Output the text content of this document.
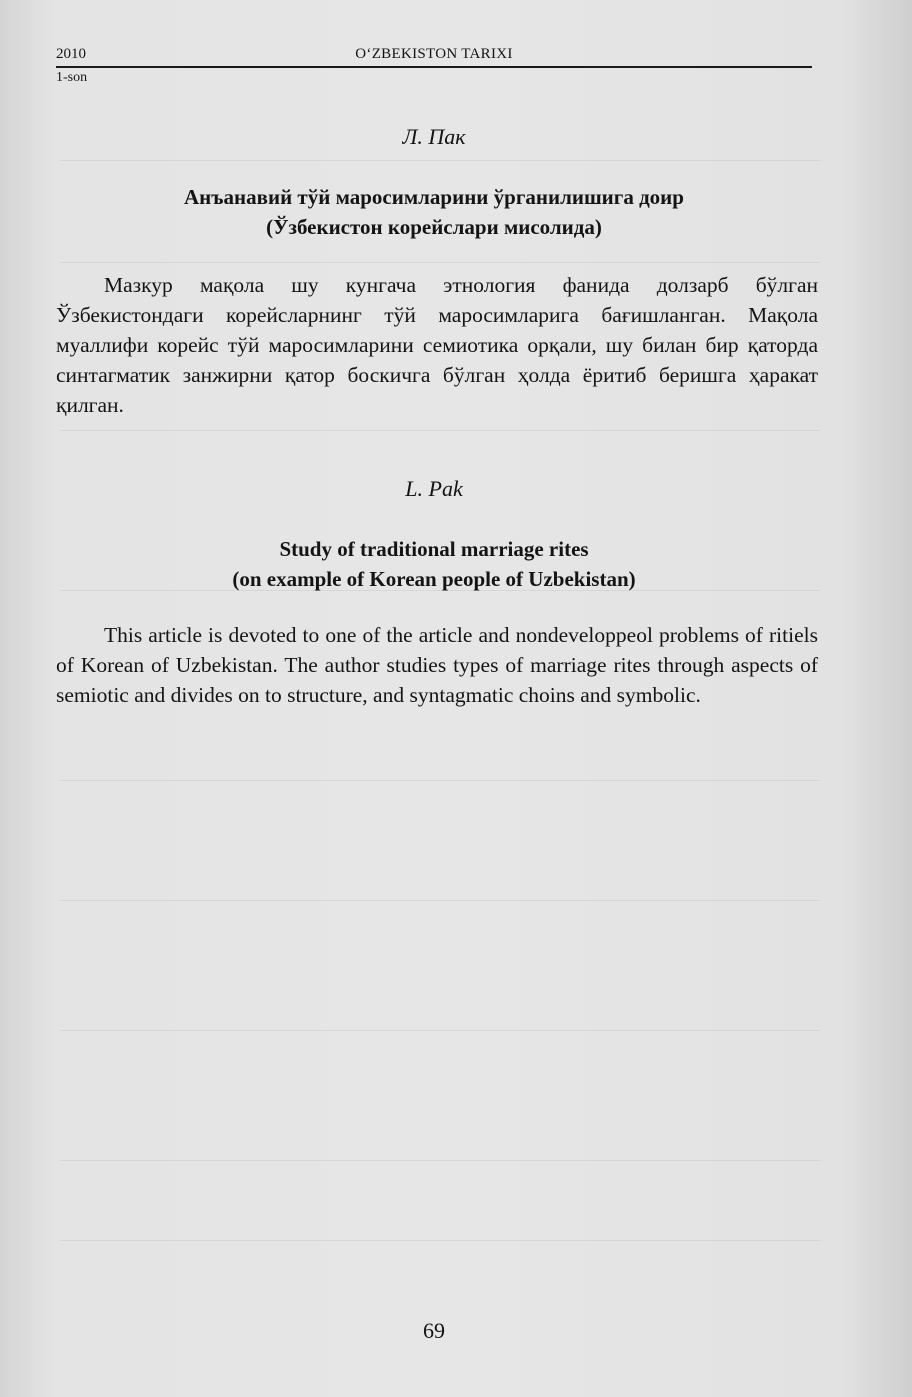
2010	O‘ZBEKISTON TARIXI
1-son
Л. Пак
Анъанавий тўй маросимларини ўрганилишига доир
(Ўзбекистон корейслари мисолида)

Мазкур мақола шу кунгача этнология фанида долзарб бўлган Ўзбекистондаги корейсларнинг тўй маросимларига бағишланган. Мақола муаллифи корейс тўй маросимларини семиотика орқали, шу билан бир қаторда синтагматик занжирни қатор боскичга бўлган ҳолда ёритиб беришга ҳаракат қилган.

L. Pak
Study of traditional marriage rites
(on example of Korean people of Uzbekistan)

This article is devoted to one of the article and nondeveloppeol problems of ritiels of Korean of Uzbekistan. The author studies types of marriage rites through aspects of semiotic and divides on to structure, and syntagmatic choins and symbolic.

69
